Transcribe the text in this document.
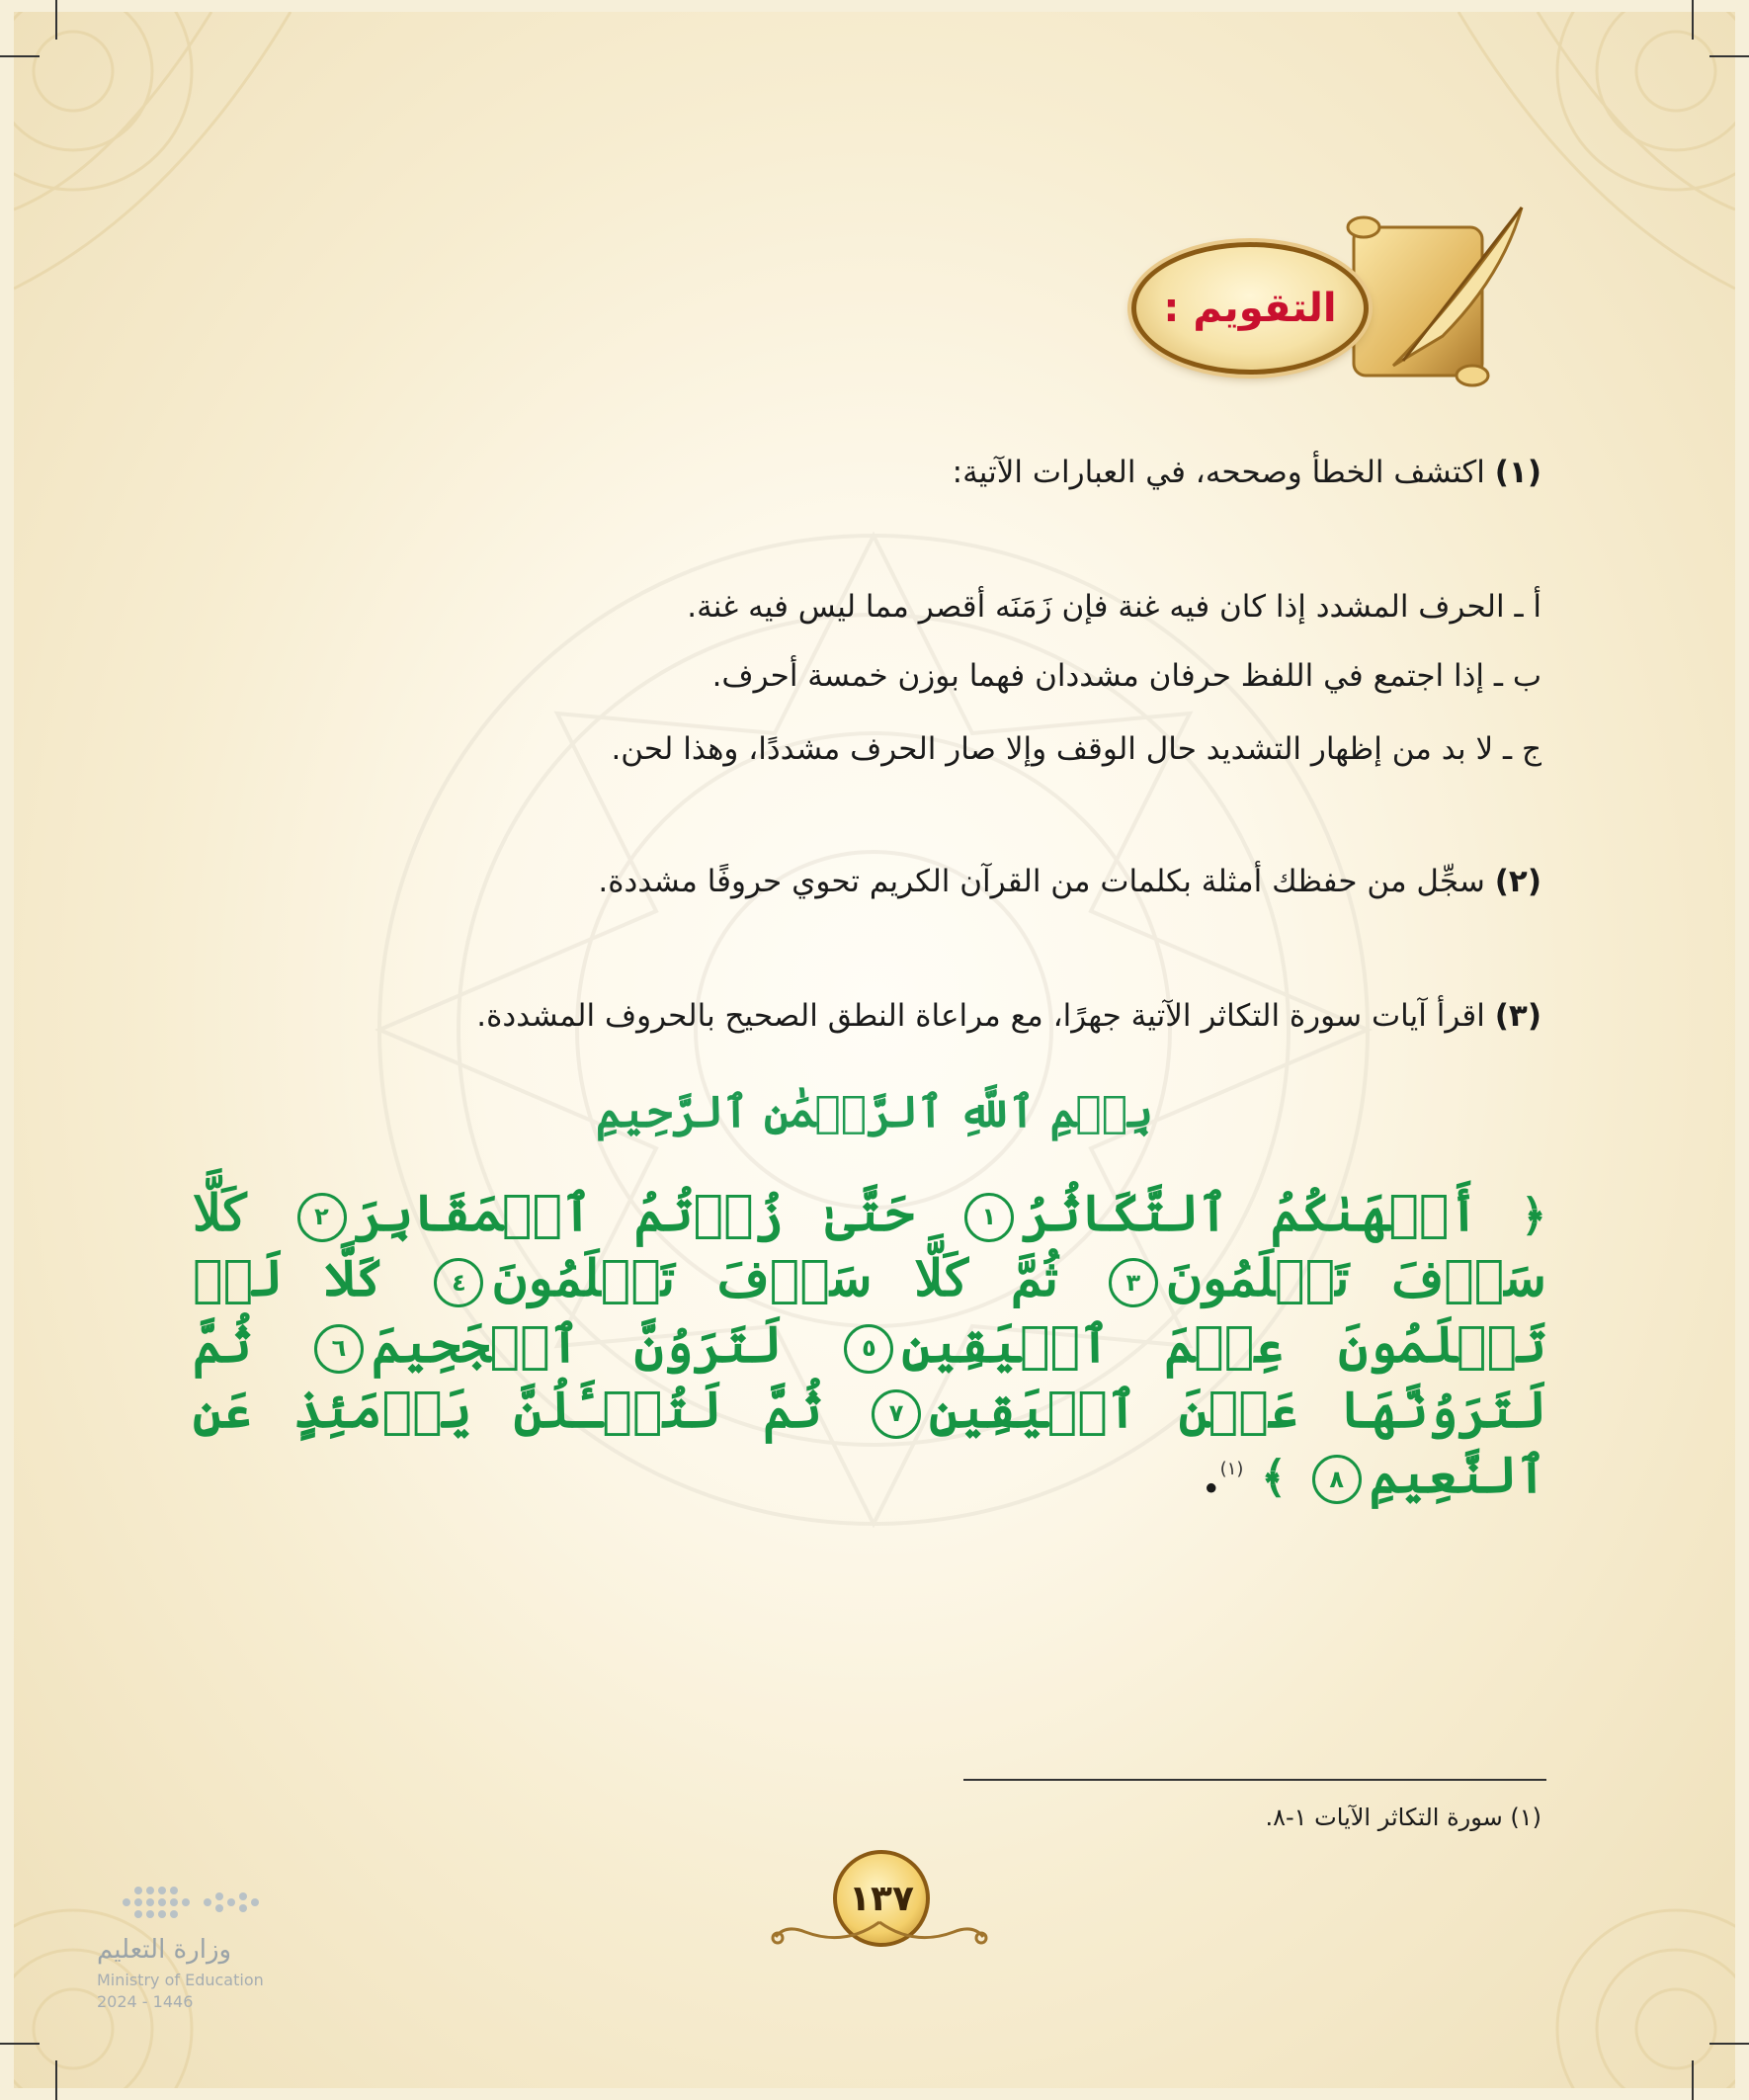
التقويم :
(١) اكتشف الخطأ وصححه، في العبارات الآتية:
أ ـ الحرف المشدد إذا كان فيه غنة فإن زَمَنَه أقصر مما ليس فيه غنة.
ب ـ إذا اجتمع في اللفظ حرفان مشددان فهما بوزن خمسة أحرف.
ج ـ لا بد من إظهار التشديد حال الوقف وإلا صار الحرف مشددًا، وهذا لحن.
(٢) سجِّل من حفظك أمثلة بكلمات من القرآن الكريم تحوي حروفًا مشددة.
(٣) اقرأ آيات سورة التكاثر الآتية جهرًا، مع مراعاة النطق الصحيح بالحروف المشددة.
بِسۡمِ ٱللَّهِ ٱلرَّحۡمَٰنِ ٱلرَّحِيمِ
﴿ أَلۡهَىٰكُمُ ٱلتَّكَاثُرُ١ حَتَّىٰ زُرۡتُمُ ٱلۡمَقَابِرَ٢ كَلَّا سَوۡفَ تَعۡلَمُونَ٣ ثُمَّ كَلَّا سَوۡفَ تَعۡلَمُونَ٤ كَلَّا لَوۡ تَعۡلَمُونَ عِلۡمَ ٱلۡيَقِينِ٥ لَتَرَوُنَّ ٱلۡجَحِيمَ٦ ثُمَّ لَتَرَوُنَّهَا عَيۡنَ ٱلۡيَقِينِ٧ ثُمَّ لَتُسۡـَٔلُنَّ يَوۡمَئِذٍ عَنِ ٱلنَّعِيمِ٨ ﴾ $^{(١)}$.
(١) سورة التكاثر الآيات ١-٨.
١٣٧
وزارة التعليم
Ministry of Education
2024 - 1446
